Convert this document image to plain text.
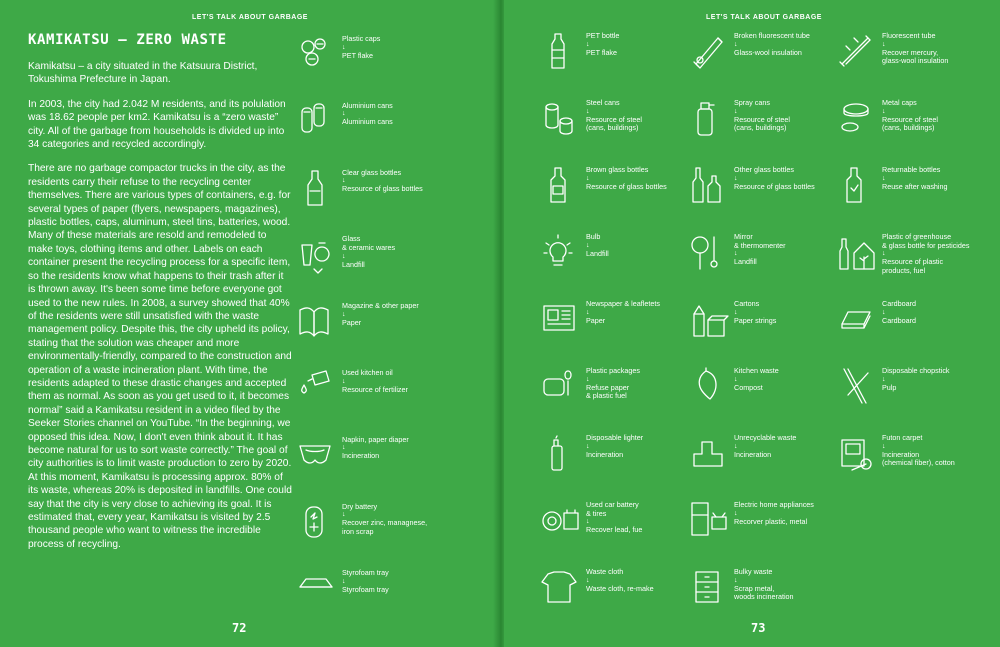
LET'S TALK ABOUT GARBAGE
KAMIKATSU – ZERO WASTE

Kamikatsu – a city situated in the Katsuura District, Tokushima Prefecture in Japan.

In 2003, the city had 2.042 M residents, and its polulation was 18.62 people per km2. Kamikatsu is a “zero waste” city. All of the garbage from households is divided up into 34 categories and recycled accordingly.

There are no garbage compactor trucks in the city, as the residents carry their refuse to the recycling center themselves. There are various types of containers, e.g. for several types of paper (flyers, newspapers, magazines), plastic bottles, caps, aluminum, steel tins, batteries, wood. Many of these materials are resold and remodeled to make toys, clothing items and other. Labels on each container present the recycling process for a specific item, so the residents know what happens to their trash after it is thrown away. It's been some time before everyone got used to the new rules. In 2008, a survey showed that 40% of the residents were still unsatisfied with the waste management policy. Despite this, the city upheld its policy, stating that the solution was cheaper and more environmentally-friendly, compared to the construction and operation of a waste incineration plant. With time, the residents adapted to these drastic changes and accepted them as normal. As soon as you get used to it, it becomes normal” said a Kamikatsu resident in a video filed by the Seeker Stories channel on YouTube. “In the beginning, we opposed this idea. Now, I don't even think about it. It has become natural for us to sort waste correctly.” The goal of city authorities is to limit waste production to zero by 2020. At this moment, Kamikatsu is processing approx. 80% of its waste, whereas 20% is deposited in landfills. One could say that the city is very close to achieving its goal. It is estimated that, every year, Kamikatsu is visited by 2.5 thousand people who want to witness the incredible process of recycling.

72
LET'S TALK ABOUT GARBAGE
73
Plastic caps
↓
PET flake
Aluminium cans
↓
Aluminium cans
Clear glass bottles
↓
Resource of glass bottles
Glass
& ceramic wares
↓
Landfill
Magazine & other paper
↓
Paper
Used kitchen oil
↓
Resource of fertilizer
Napkin, paper diaper
↓
Incineration
Dry battery
↓
Recover zinc, managnese,
iron scrap
Styrofoam tray
↓
Styrofoam tray
PET bottle
↓
PET flake
Steel cans
↓
Resource of steel
(cans, buildings)
Brown glass bottles
↓
Resource of glass bottles
Bulb
↓
Landfill
Newspaper & leafletets
↓
Paper
Plastic packages
↓
Refuse paper
& plastic fuel
Disposable lighter
↓
Incineration
Used car battery
& tires
↓
Recover lead, fue
Waste cloth
↓
Waste cloth, re-make
Broken fluorescent tube
↓
Glass-wool insulation
Spray cans
↓
Resource of steel
(cans, buildings)
Other glass bottles
↓
Resource of glass bottles
Mirror
& thermomenter
↓
Landfill
Cartons
↓
Paper strings
Kitchen waste
↓
Compost
Unrecyclable waste
↓
Incineration
Electric home appliances
↓
Recorver plastic, metal
Bulky waste
↓
Scrap metal,
woods incineration
Fluorescent tube
↓
Recover mercury,
glass-wool insulation
Metal caps
↓
Resource of steel
(cans, buildings)
Returnable bottles
↓
Reuse after washing
Plastic of greenhouse
& glass bottle for pesticides
↓
Resource of plastic
products, fuel
Cardboard
↓
Cardboard
Disposable chopstick
↓
Pulp
Futon carpet
↓
Incineration
(chemical fiber), cotton
